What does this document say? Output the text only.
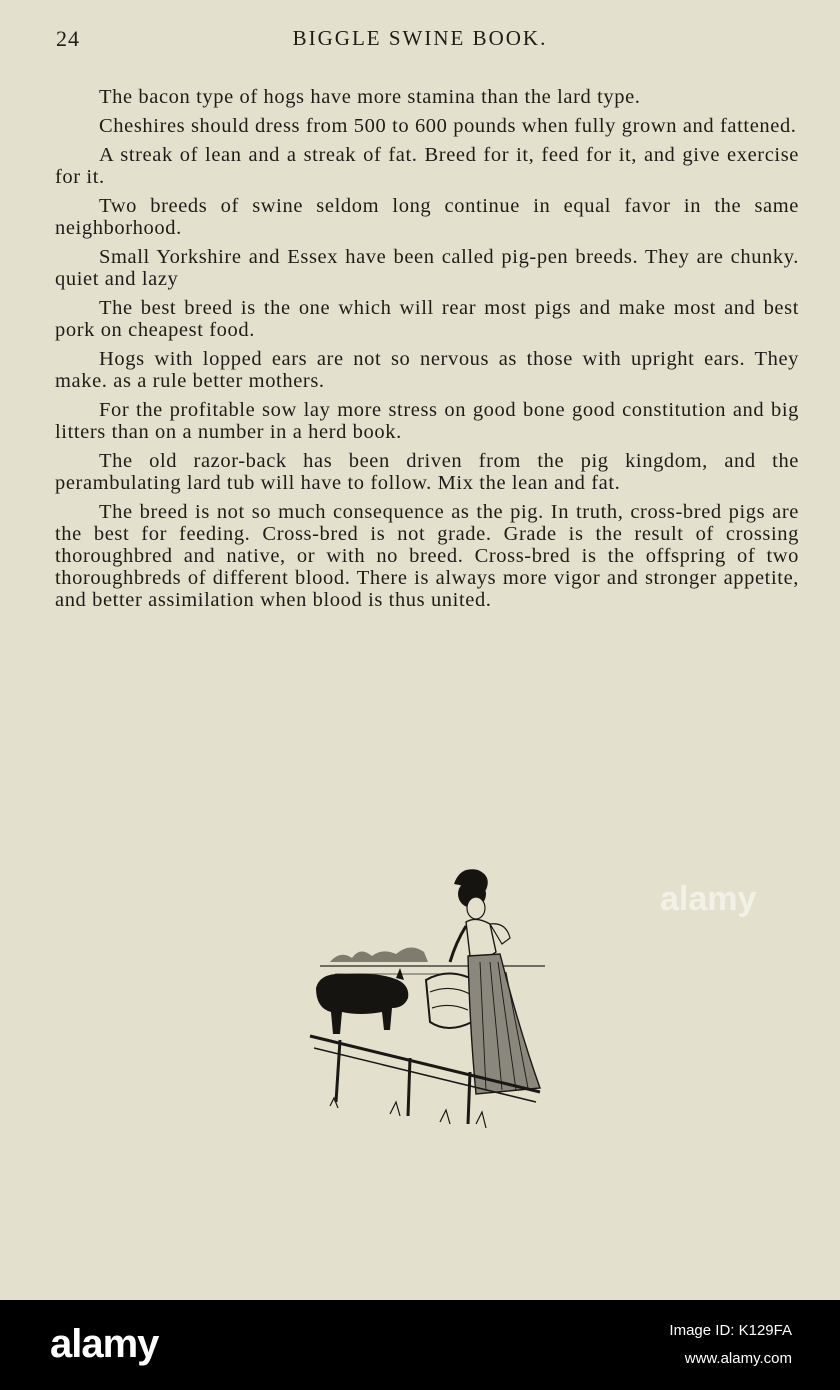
24	BIGGLE SWINE BOOK.

The bacon type of hogs have more stamina than the lard type.

Cheshires should dress from 500 to 600 pounds when fully grown and fattened.

A streak of lean and a streak of fat. Breed for it, feed for it, and give exercise for it.

Two breeds of swine seldom long continue in equal favor in the same neighborhood.

Small Yorkshire and Essex have been called pig-pen breeds. They are chunky. quiet and lazy

The best breed is the one which will rear most pigs and make most and best pork on cheapest food.

Hogs with lopped ears are not so nervous as those with upright ears. They make. as a rule better mothers.

For the profitable sow lay more stress on good bone good constitution and big litters than on a number in a herd book.

The old razor-back has been driven from the pig kingdom, and the perambulating lard tub will have to follow. Mix the lean and fat.

The breed is not so much consequence as the pig. In truth, cross-bred pigs are the best for feeding. Cross-bred is not grade. Grade is the result of crossing thoroughbred and native, or with no breed. Cross-bred is the offspring of two thoroughbreds of different blood. There is always more vigor and stronger appetite, and better assimilation when blood is thus united.

alamy
alamy	Image ID: K129FA
www.alamy.com
